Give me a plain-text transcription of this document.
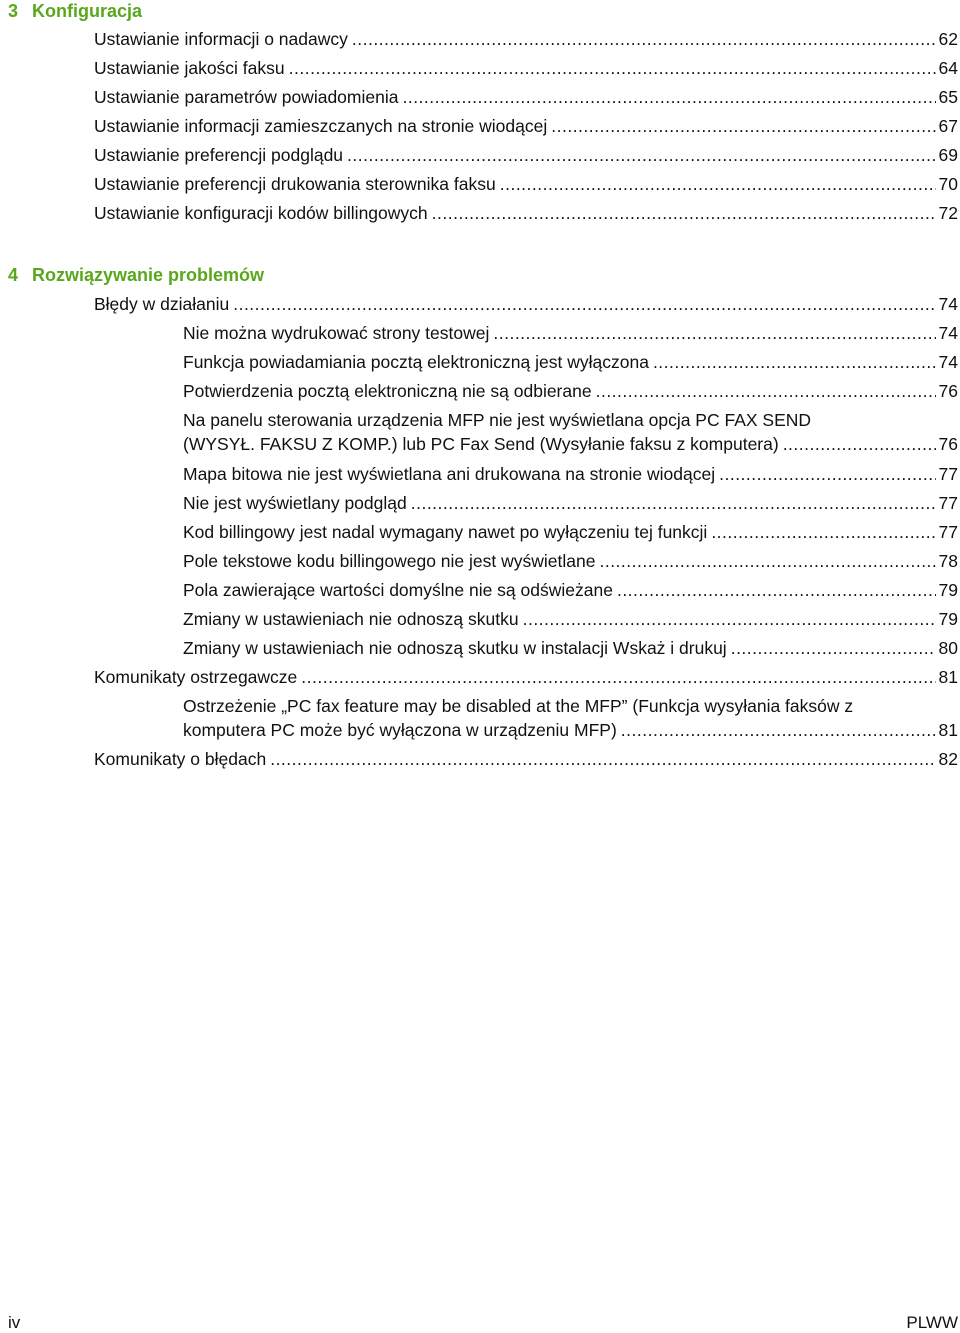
3 Konfiguracja
Ustawianie informacji o nadawcy .....	62
Ustawianie jakości faksu .....	64
Ustawianie parametrów powiadomienia .....	65
Ustawianie informacji zamieszczanych na stronie wiodącej .....	67
Ustawianie preferencji podglądu .....	69
Ustawianie preferencji drukowania sterownika faksu .....	70
Ustawianie konfiguracji kodów billingowych .....	72
4 Rozwiązywanie problemów
Błędy w działaniu .....	74
Nie można wydrukować strony testowej .....	74
Funkcja powiadamiania pocztą elektroniczną jest wyłączona .....	74
Potwierdzenia pocztą elektroniczną nie są odbierane .....	76
Na panelu sterowania urządzenia MFP nie jest wyświetlana opcja PC FAX SEND
(WYSYŁ. FAKSU Z KOMP.) lub PC Fax Send (Wysyłanie faksu z komputera) .....	76
Mapa bitowa nie jest wyświetlana ani drukowana na stronie wiodącej .....	77
Nie jest wyświetlany podgląd .....	77
Kod billingowy jest nadal wymagany nawet po wyłączeniu tej funkcji .....	77
Pole tekstowe kodu billingowego nie jest wyświetlane .....	78
Pola zawierające wartości domyślne nie są odświeżane .....	79
Zmiany w ustawieniach nie odnoszą skutku .....	79
Zmiany w ustawieniach nie odnoszą skutku w instalacji Wskaż i drukuj .....	80
Komunikaty ostrzegawcze .....	81
Ostrzeżenie „PC fax feature may be disabled at the MFP” (Funkcja wysyłania faksów z
komputera PC może być wyłączona w urządzeniu MFP) .....	81
Komunikaty o błędach .....	82
iv	PLWW
